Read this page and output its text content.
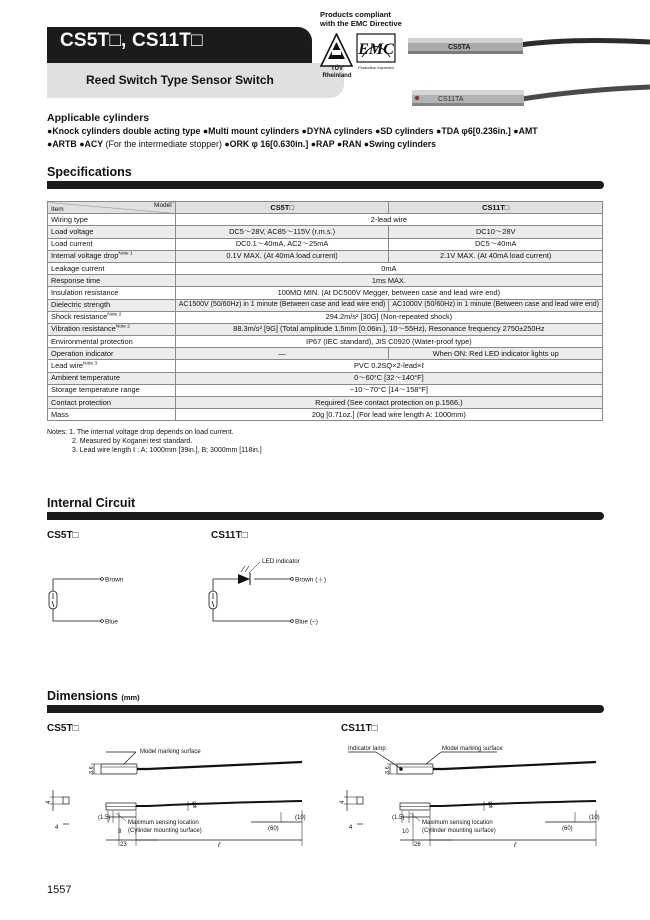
CS5T□, CS11T□
Reed Switch Type Sensor Switch
Products compliant
with the EMC Directive
TÜV
Rheinland
EMC
Production inspected
CS5TA
CS11TA
Applicable cylinders
●Knock cylinders double acting type ●Multi mount cylinders ●DYNA cylinders ●SD cylinders ●TDA φ6[0.236in.] ●AMT
●ARTB ●ACY (For the intermediate stopper) ●ORK φ 16[0.630in.] ●RAP ●RAN ●Swing cylinders
Specifications
Model
Item	CS5T□	CS11T□
Wiring type	2-lead wire	
Load voltage	DC5～28V, AC85～115V (r.m.s.)	DC10～28V
Load current	DC0.1～40mA, AC2～25mA	DC5～40mA
Internal voltage drop$^{Note 1}$	0.1V MAX. (At 40mA load current)	2.1V MAX. (At 40mA load current)
Leakage current	0mA	
Response time	1ms MAX.	
Insulation resistance	100MΩ MIN. (At DC500V Megger, between case and lead wire end)	
Dielectric strength	AC1500V (50/60Hz) in 1 minute (Between case and lead wire end)	AC1000V (50/60Hz) in 1 minute (Between case and lead wire end)
Shock resistance$^{Note 2}$	294.2m/s² [30G] (Non-repeated shock)	
Vibration resistance$^{Note 2}$	88.3m/s² [9G] (Total amplitude 1.5mm [0.06in.], 10～55Hz), Resonance frequency 2750±250Hz	
Environmental protection	IP67 (IEC standard), JIS C0920 (Water-proof type)	
Operation indicator	—	When ON: Red LED indicator lights up
Lead wire$^{Note 3}$	PVC 0.2SQ×2-lead×ℓ	
Ambient temperature	0～60°C [32～140°F]	
Storage temperature range	−10～70°C [14～158°F]	
Contact protection	Required (See contact protection on p.1566.)	
Mass	20g [0.71oz.] (For lead wire length A: 1000mm)	
Notes: 1. The internal voltage drop depends on load current.
2. Measured by Koganei test standard.
3. Lead wire length ℓ : A; 1000mm [39in.], B; 3000mm [118in.]
Internal Circuit
CS5T□	CS11T□
Brown
Blue
LED indicator
Brown (＋)
Blue (−)
Dimensions (mm)
CS5T□	CS11T□
Model marking surface
3.6
4
4
(1.5)
8
23
φ3
Maximum sensing location
(Cylinder mounting surface)	(60)
(10)
ℓ
Indicator lamp	Model marking surface
3.6
4
4
(1.5)
10
26
φ3
Maximum sensing location
(Cylinder mounting surface)	(60)
(10)
ℓ
1557
